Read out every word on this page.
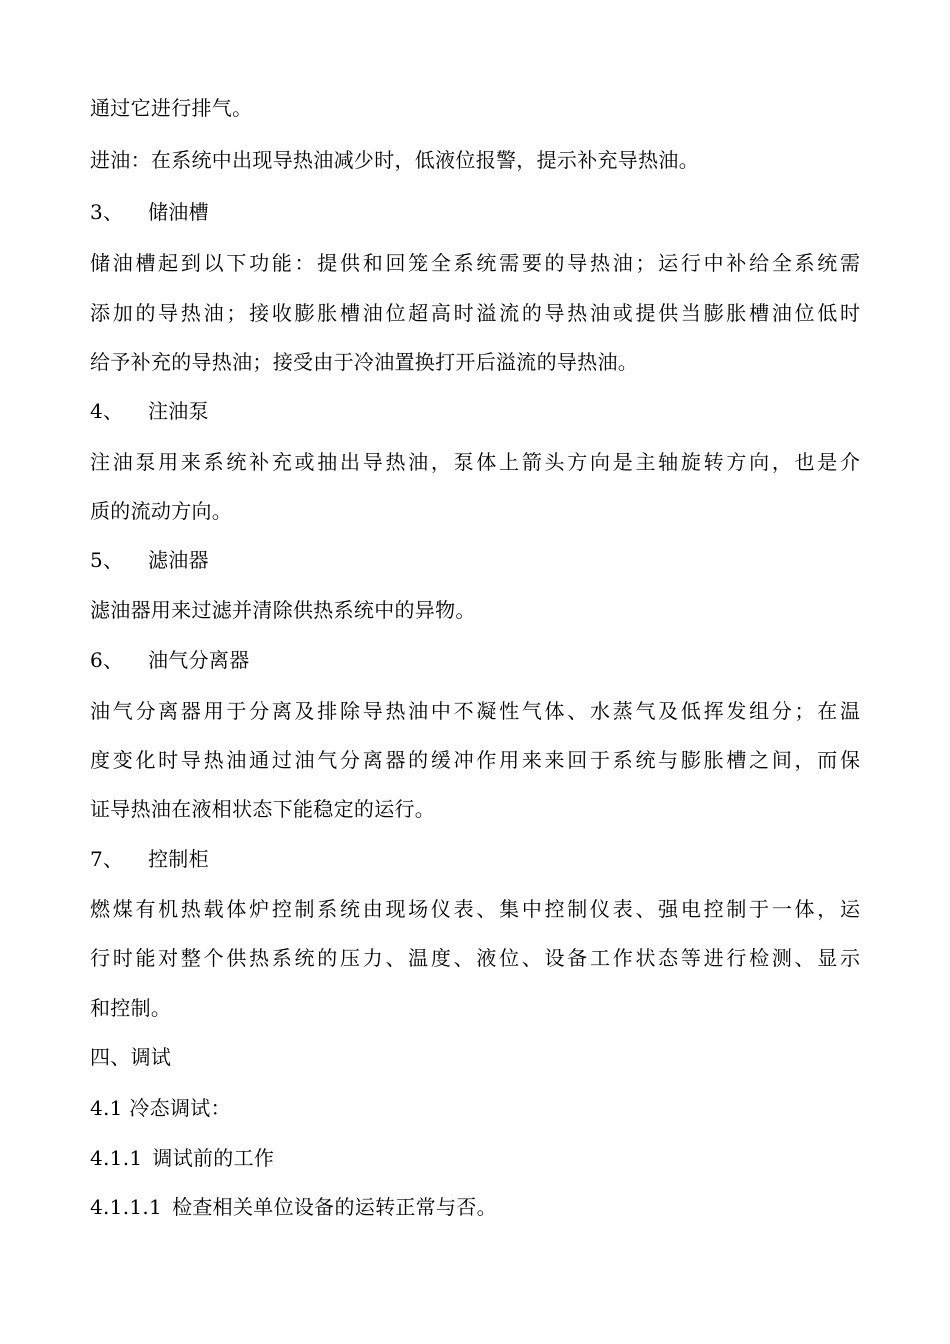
通过它进行排气。
进油：在系统中出现导热油减少时，低液位报警，提示补充导热油。
3、 储油槽
储油槽起到以下功能：提供和回笼全系统需要的导热油；运行中补给全系统需
添加的导热油；接收膨胀槽油位超高时溢流的导热油或提供当膨胀槽油位低时
给予补充的导热油；接受由于冷油置换打开后溢流的导热油。
4、 注油泵
注油泵用来系统补充或抽出导热油，泵体上箭头方向是主轴旋转方向，也是介
质的流动方向。
5、 滤油器
滤油器用来过滤并清除供热系统中的异物。
6、 油气分离器
油气分离器用于分离及排除导热油中不凝性气体、水蒸气及低挥发组分；在温
度变化时导热油通过油气分离器的缓冲作用来来回于系统与膨胀槽之间，而保
证导热油在液相状态下能稳定的运行。
7、 控制柜
燃煤有机热载体炉控制系统由现场仪表、集中控制仪表、强电控制于一体，运
行时能对整个供热系统的压力、温度、液位、设备工作状态等进行检测、显示
和控制。
四、调试
4.1 冷态调试：
4.1.1 调试前的工作
4.1.1.1 检查相关单位设备的运转正常与否。
